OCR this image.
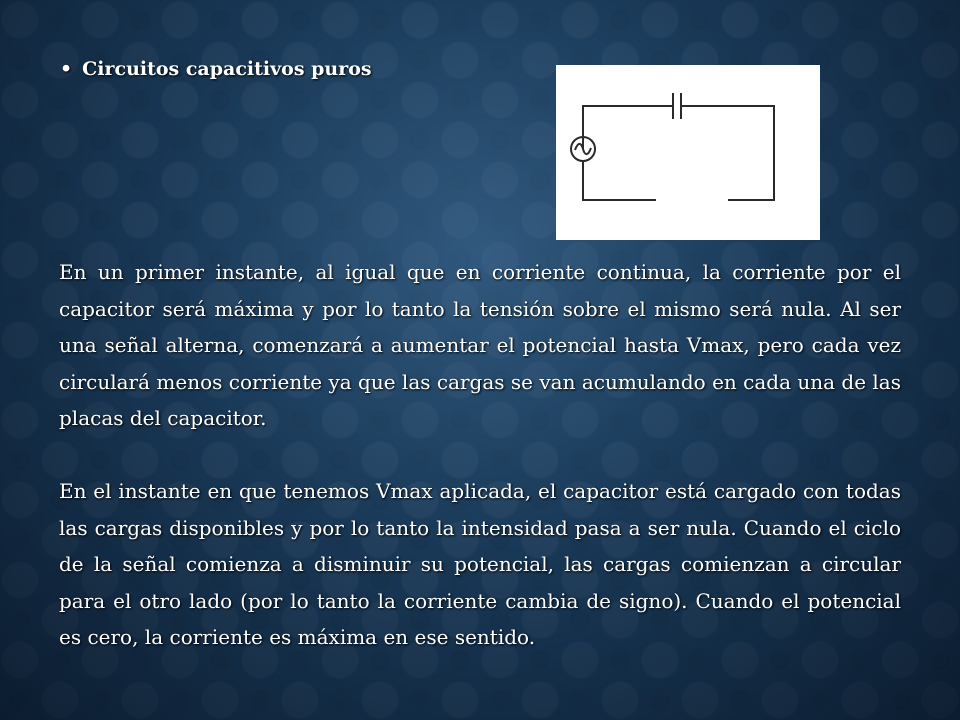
• Circuitos capacitivos puros

En un primer instante, al igual que en corriente continua, la corriente por el capacitor será máxima y por lo tanto la tensión sobre el mismo será nula. Al ser una señal alterna, comenzará a aumentar el potencial hasta Vmax, pero cada vez circulará menos corriente ya que las cargas se van acumulando en cada una de las placas del capacitor.

En el instante en que tenemos Vmax aplicada, el capacitor está cargado con todas las cargas disponibles y por lo tanto la intensidad pasa a ser nula. Cuando el ciclo de la señal comienza a disminuir su potencial, las cargas comienzan a circular para el otro lado (por lo tanto la corriente cambia de signo). Cuando el potencial es cero, la corriente es máxima en ese sentido.
